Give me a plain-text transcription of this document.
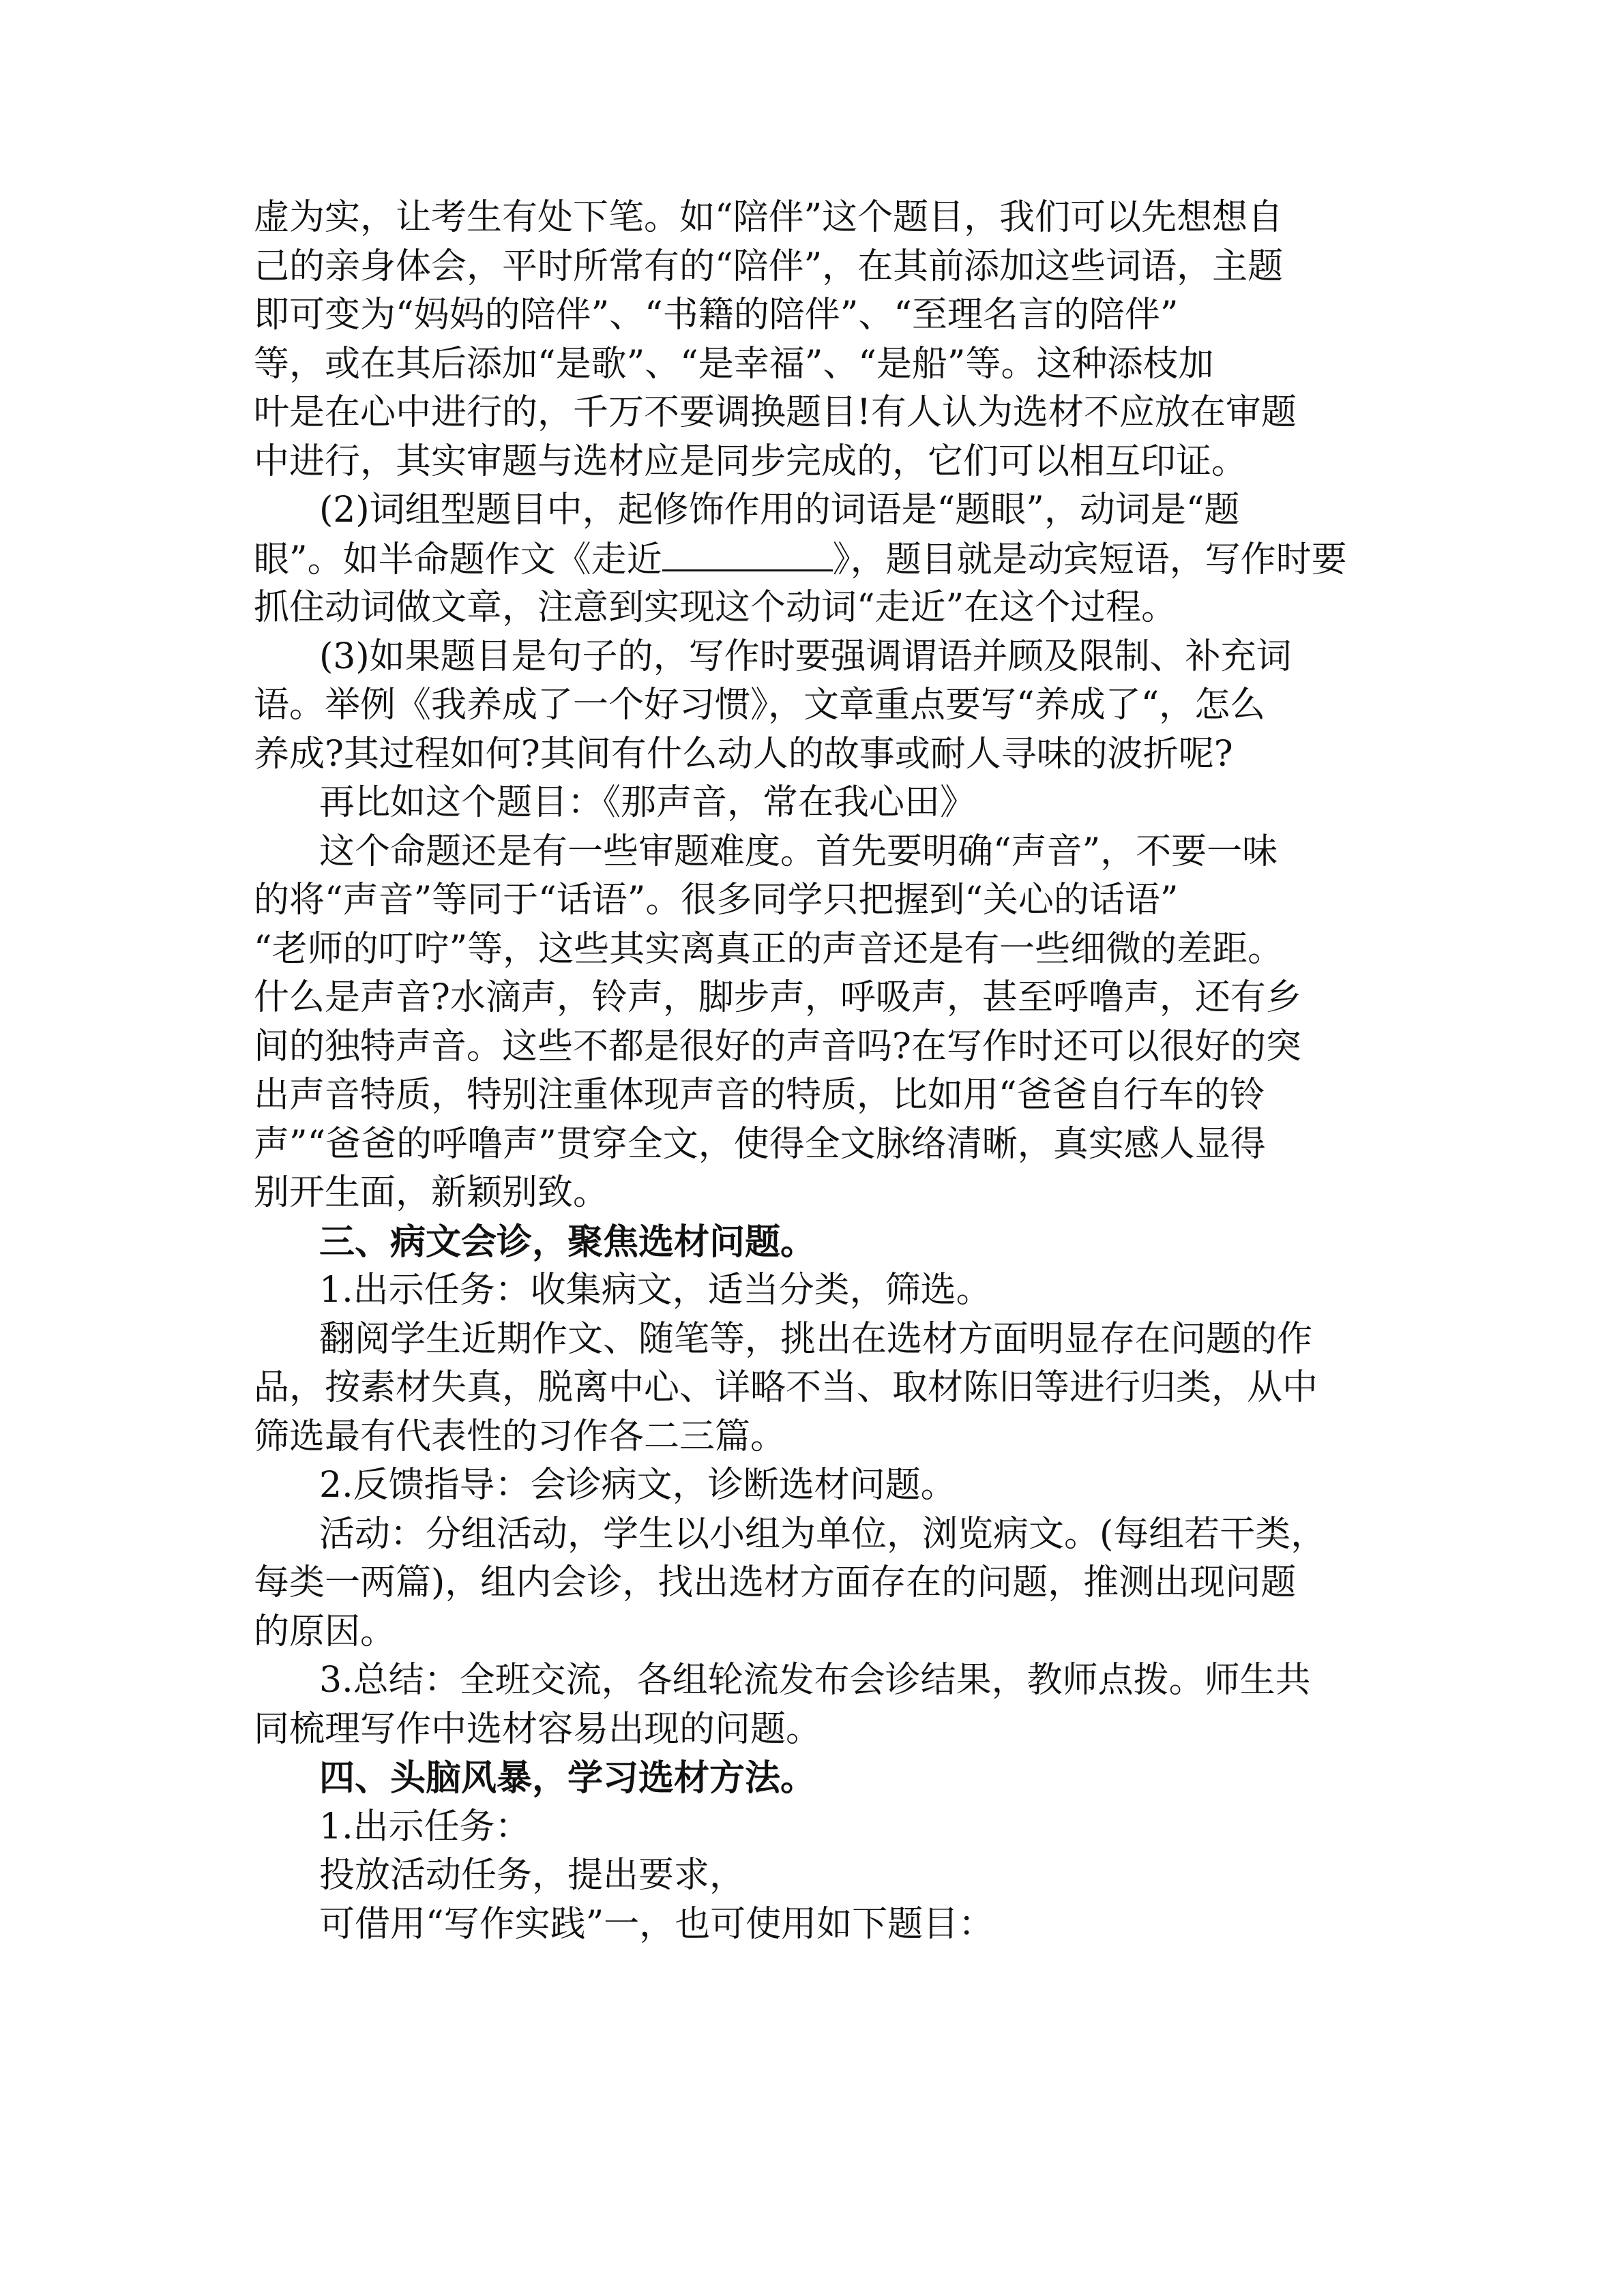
虚为实，让考生有处下笔。如“陪伴”这个题目，我们可以先想想自
己的亲身体会，平时所常有的“陪伴”，在其前添加这些词语，主题
即可变为“妈妈的陪伴”、“书籍的陪伴”、“至理名言的陪伴”
等，或在其后添加“是歌”、“是幸福”、“是船”等。这种添枝加
叶是在心中进行的，千万不要调换题目!有人认为选材不应放在审题
中进行，其实审题与选材应是同步完成的，它们可以相互印证。
(2)词组型题目中，起修饰作用的词语是“题眼”，动词是“题
眼”。如半命题作文《走近	》，题目就是动宾短语，写作时要
抓住动词做文章，注意到实现这个动词“走近”在这个过程。
(3)如果题目是句子的，写作时要强调谓语并顾及限制、补充词
语。举例《我养成了一个好习惯》，文章重点要写“养成了“，怎么
养成?其过程如何?其间有什么动人的故事或耐人寻味的波折呢?
再比如这个题目：《那声音，常在我心田》
这个命题还是有一些审题难度。首先要明确“声音”，不要一味
的将“声音”等同于“话语”。很多同学只把握到“关心的话语”
“老师的叮咛”等，这些其实离真正的声音还是有一些细微的差距。
什么是声音?水滴声，铃声，脚步声，呼吸声，甚至呼噜声，还有乡
间的独特声音。这些不都是很好的声音吗?在写作时还可以很好的突
出声音特质，特别注重体现声音的特质，比如用“爸爸自行车的铃
声”“爸爸的呼噜声”贯穿全文，使得全文脉络清晰，真实感人显得
别开生面，新颖别致。
三、病文会诊，聚焦选材问题。
1.出示任务：收集病文，适当分类，筛选。
翻阅学生近期作文、随笔等，挑出在选材方面明显存在问题的作
品，按素材失真，脱离中心、详略不当、取材陈旧等进行归类，从中
筛选最有代表性的习作各二三篇。
2.反馈指导：会诊病文，诊断选材问题。
活动：分组活动，学生以小组为单位，浏览病文。(每组若干类，
每类一两篇)，组内会诊，找出选材方面存在的问题，推测出现问题
的原因。
3.总结：全班交流，各组轮流发布会诊结果，教师点拨。师生共
同梳理写作中选材容易出现的问题。
四、头脑风暴，学习选材方法。
1.出示任务：
投放活动任务，提出要求，
可借用“写作实践”一，也可使用如下题目：
